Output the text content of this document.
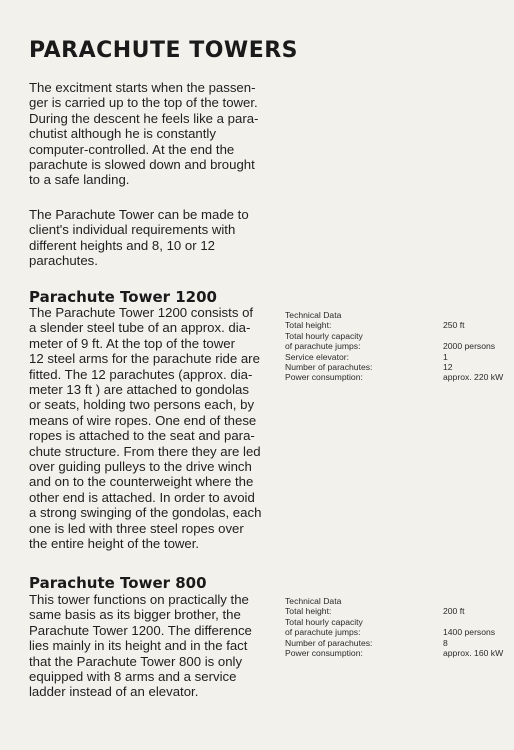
PARACHUTE TOWERS
The excitment starts when the passen-
ger is carried up to the top of the tower.
During the descent he feels like a para-
chutist although he is constantly
computer-controlled. At the end the
parachute is slowed down and brought
to a safe landing.
The Parachute Tower can be made to
client's individual requirements with
different heights and 8, 10 or 12
parachutes.
Parachute Tower 1200
The Parachute Tower 1200 consists of
a slender steel tube of an approx. dia-
meter of 9 ft. At the top of the tower
12 steel arms for the parachute ride are
fitted. The 12 parachutes (approx. dia-
meter 13 ft ) are attached to gondolas
or seats, holding two persons each, by
means of wire ropes. One end of these
ropes is attached to the seat and para-
chute structure. From there they are led
over guiding pulleys to the drive winch
and on to the counterweight where the
other end is attached. In order to avoid
a strong swinging of the gondolas, each
one is led with three steel ropes over
the entire height of the tower.
Technical Data
Total height:	250 ft
Total hourly capacity
of parachute jumps:	2000 persons
Service elevator:	1
Number of parachutes:	12
Power consumption:	approx. 220 kW
Parachute Tower 800
This tower functions on practically the
same basis as its bigger brother, the
Parachute Tower 1200. The difference
lies mainly in its height and in the fact
that the Parachute Tower 800 is only
equipped with 8 arms and a service
ladder instead of an elevator.
Technical Data
Total height:	200 ft
Total hourly capacity
of parachute jumps:	1400 persons
Number of parachutes:	8
Power consumption:	approx. 160 kW
